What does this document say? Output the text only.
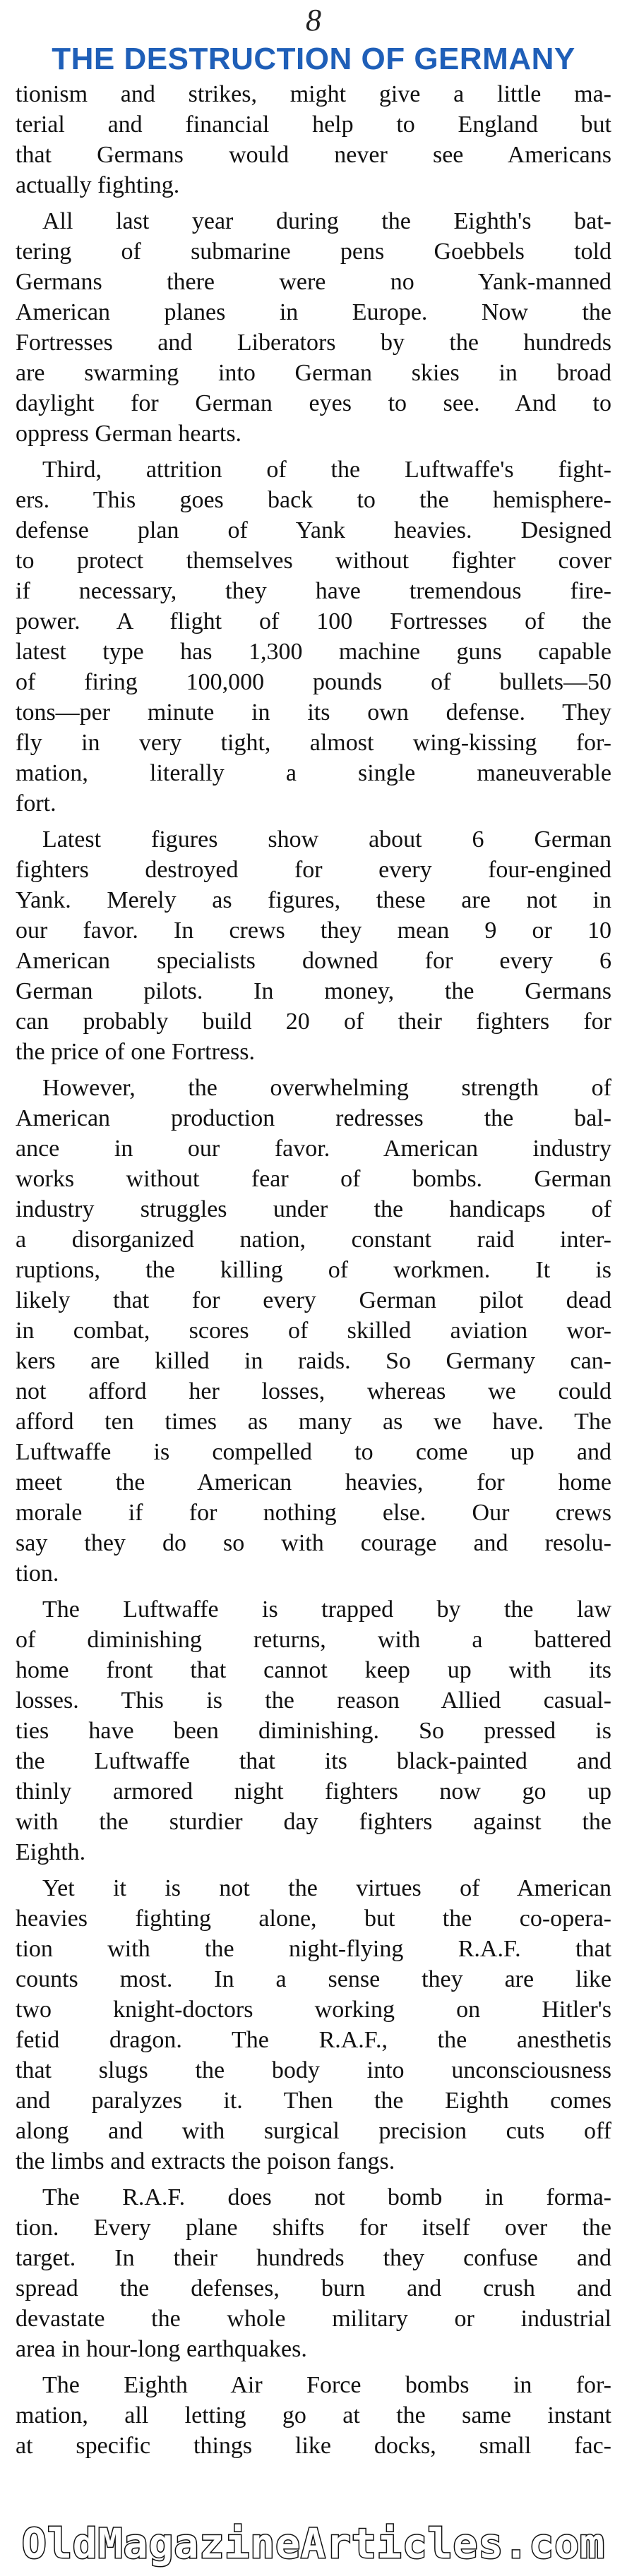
8
THE DESTRUCTION OF GERMANY
tionism and strikes, might give a little ma-
terial and financial help to England but
that Germans would never see Americans
actually fighting.
All last year during the Eighth's bat-
tering of submarine pens Goebbels told
Germans there were no Yank-manned
American planes in Europe. Now the
Fortresses and Liberators by the hundreds
are swarming into German skies in broad
daylight for German eyes to see. And to
oppress German hearts.
Third, attrition of the Luftwaffe's fight-
ers. This goes back to the hemisphere-
defense plan of Yank heavies. Designed
to protect themselves without fighter cover
if necessary, they have tremendous fire-
power. A flight of 100 Fortresses of the
latest type has 1,300 machine guns capable
of firing 100,000 pounds of bullets—50
tons—per minute in its own defense. They
fly in very tight, almost wing-kissing for-
mation, literally a single maneuverable
fort.
Latest figures show about 6 German
fighters destroyed for every four-engined
Yank. Merely as figures, these are not in
our favor. In crews they mean 9 or 10
American specialists downed for every 6
German pilots. In money, the Germans
can probably build 20 of their fighters for
the price of one Fortress.
However, the overwhelming strength of
American production redresses the bal-
ance in our favor. American industry
works without fear of bombs. German
industry struggles under the handicaps of
a disorganized nation, constant raid inter-
ruptions, the killing of workmen. It is
likely that for every German pilot dead
in combat, scores of skilled aviation wor-
kers are killed in raids. So Germany can-
not afford her losses, whereas we could
afford ten times as many as we have. The
Luftwaffe is compelled to come up and
meet the American heavies, for home
morale if for nothing else. Our crews
say they do so with courage and resolu-
tion.
The Luftwaffe is trapped by the law
of diminishing returns, with a battered
home front that cannot keep up with its
losses. This is the reason Allied casual-
ties have been diminishing. So pressed is
the Luftwaffe that its black-painted and
thinly armored night fighters now go up
with the sturdier day fighters against the
Eighth.
Yet it is not the virtues of American
heavies fighting alone, but the co-opera-
tion with the night-flying R.A.F. that
counts most. In a sense they are like
two knight-doctors working on Hitler's
fetid dragon. The R.A.F., the anesthetis
that slugs the body into unconsciousness
and paralyzes it. Then the Eighth comes
along and with surgical precision cuts off
the limbs and extracts the poison fangs.
The R.A.F. does not bomb in forma-
tion. Every plane shifts for itself over the
target. In their hundreds they confuse and
spread the defenses, burn and crush and
devastate the whole military or industrial
area in hour-long earthquakes.
The Eighth Air Force bombs in for-
mation, all letting go at the same instant
at specific things like docks, small fac-
OldMagazineArticles.com
